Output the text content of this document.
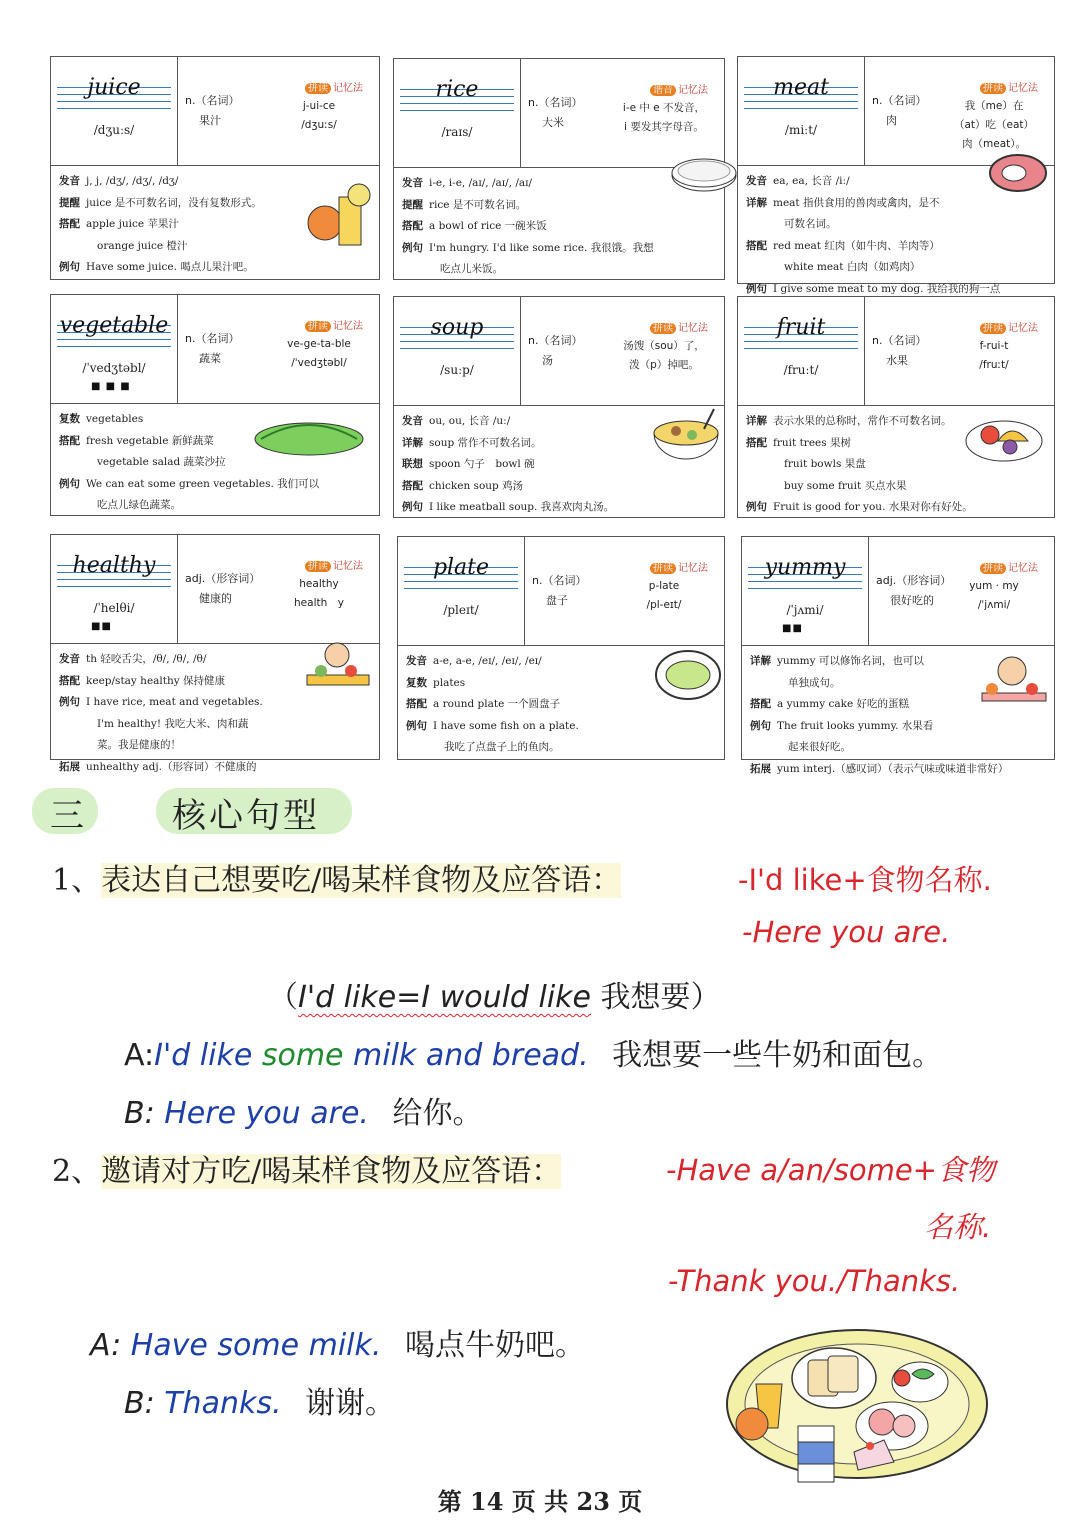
juice
/dʒuːs/
n.（名词）
果汁
拼读 记忆法
j-ui-ce
/dʒuːs/
发音 j, j, /dʒ/, /dʒ/, /dʒ/
提醒 juice 是不可数名词，没有复数形式。
搭配 apple juice 苹果汁
orange juice 橙汁
例句 Have some juice. 喝点儿果汁吧。
rice
/raɪs/
n.（名词）
大米
谐音 记忆法
i-e 中 e 不发音，
i 要发其字母音。
发音 i-e, i-e, /aɪ/, /aɪ/, /aɪ/
提醒 rice 是不可数名词。
搭配 a bowl of rice 一碗米饭
例句 I'm hungry. I'd like some rice. 我很饿。我想
吃点儿米饭。
meat
/miːt/
n.（名词）
肉
拼读 记忆法
我（me）在
（at）吃（eat）
肉（meat）。
发音 ea, ea, 长音 /iː/
详解 meat 指供食用的兽肉或禽肉，是不
可数名词。
搭配 red meat 红肉（如牛肉、羊肉等）
white meat 白肉（如鸡肉）
例句 I give some meat to my dog. 我给我的狗一点
vegetable
/ˈvedʒtəbl/
■ ■ ■
n.（名词）
蔬菜
拼读 记忆法
ve-ge-ta-ble
/ˈvedʒtəbl/
复数 vegetables
搭配 fresh vegetable 新鲜蔬菜
vegetable salad 蔬菜沙拉
例句 We can eat some green vegetables. 我们可以
吃点儿绿色蔬菜。
soup
/suːp/
n.（名词）
汤
拼读 记忆法
汤馊（sou）了，
泼（p）掉吧。
发音 ou, ou, 长音 /uː/
详解 soup 常作不可数名词。
联想 spoon 勺子　bowl 碗
搭配 chicken soup 鸡汤
例句 I like meatball soup. 我喜欢肉丸汤。
fruit
/fruːt/
n.（名词）
水果
拼读 记忆法
f-rui-t
/fruːt/
详解 表示水果的总称时，常作不可数名词。
搭配 fruit trees 果树
fruit bowls 果盘
buy some fruit 买点水果
例句 Fruit is good for you. 水果对你有好处。
healthy
/ˈhelθi/
■■
adj.（形容词）
健康的
拼读 记忆法
healthy
health　y
发音 th 轻咬舌尖，/θ/, /θ/, /θ/
搭配 keep/stay healthy 保持健康
例句 I have rice, meat and vegetables.
I'm healthy! 我吃大米、肉和蔬
菜。我是健康的！
拓展 unhealthy adj.（形容词）不健康的
plate
/pleɪt/
n.（名词）
盘子
拼读 记忆法
p-late
/pl-eɪt/
发音 a-e, a-e, /eɪ/, /eɪ/, /eɪ/
复数 plates
搭配 a round plate 一个圆盘子
例句 I have some fish on a plate.
我吃了点盘子上的鱼肉。
yummy
/ˈjʌmi/
■■
adj.（形容词）
很好吃的
拼读 记忆法
yum · my
/ˈjʌmi/
详解 yummy 可以修饰名词，也可以
单独成句。
搭配 a yummy cake 好吃的蛋糕
例句 The fruit looks yummy. 水果看
起来很好吃。
拓展 yum interj.（感叹词）（表示气味或味道非常好）
三	核心句型
1、表达自己想要吃/喝某样食物及应答语：	-I'd like+食物名称.
-Here you are.
（I'd like=I would like 我想要）
A:I'd like some milk and bread. 我想要一些牛奶和面包。
B: Here you are. 给你。
2、邀请对方吃/喝某样食物及应答语：	-Have a/an/some+食物
名称.
-Thank you./Thanks.
A: Have some milk. 喝点牛奶吧。
B: Thanks. 谢谢。
第 14 页 共 23 页
